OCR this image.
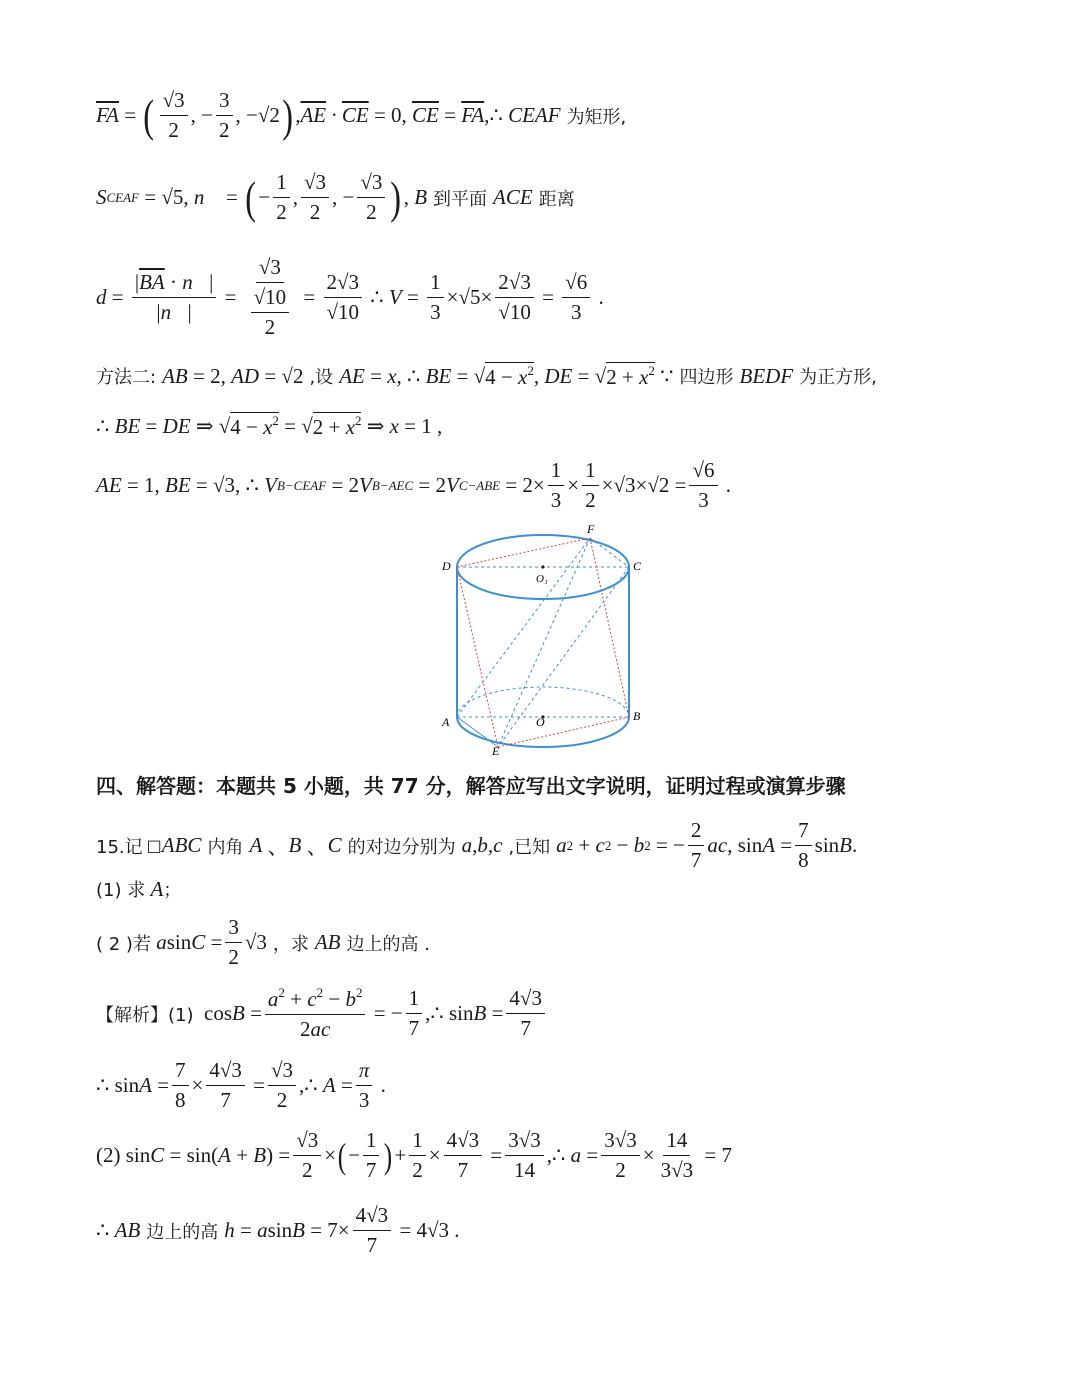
$\overline{FA}$ = ( $\frac{√3}{2}$ , − $\frac{3}{2}$ , −√2 ) $,\overline{AE} \cdot \overline{CE} = 0$, $\overline{CE} = \overline{FA}$ ,∴ CEAF 为矩形,
S CEAF = √5, n⃗ = ( − $\frac{1}{2}$ , $\frac{√3}{2}$ , − $\frac{√3}{2}$ ) , B 到平面 ACE 距离
$d = \frac{|\overline{BA} \cdot n⃗|}{|n⃗|} = \frac{√3}{\frac{√10}{2}} = \frac{2√3}{√10}$ ∴ $V = \frac{1}{3} \times√5\times \frac{2√3}{√10} = \frac{√6}{3}$ .
方法二: AB = 2, AD = √2 ,设 AE = x , ∴ BE = √ $4 - x^2$ , DE = √ $2 + x^2$ ∵ 四边形 BEDF 为正方形,
∴ BE = DE ⇒ √ $4 - x^2$ = √ $2 + x^2$ ⇒ x = 1 ,
AE = 1, BE = √3, ∴ V B−CEAF = 2 V B−AEC = 2 V $C-ABE = 2\times \frac{1}{3} \times \frac{1}{2} \times√3\times√2 = \frac{√6}{3}$ .
D	C
F
O₁
A	B
O
E
四、解答题：本题共 5 小题，共 77 分，解答应写出文字说明，证明过程或演算步骤
15.记 □ ABC 内角 A 、 B 、 C 的对边分别为 a,b,c ,已知 a 2 + c 2 − b 2 = − $\frac{2}{7}$ ac , $\sin A = \frac{7}{8}$ sin B .
(1) 求
A ；
( 2 )若
a $\sin C = \frac{3}{2} √3$ ，求 AB 边上的高 .
【解析】(1) $\cos B = \frac{a^2 + c^2 - b^2}{2ac}$ = − $\frac{1}{7}$ ,∴ $\sin B = \frac{4√3}{7}$
∴ $\sin A = \frac{7}{8} \times \frac{4√3}{7} = \frac{√3}{2}$ ,∴ $A = \frac{\pi}{3}$ .
(2) sin C = sin( A + B ) = $\frac{√3}{2}$ × ( − $\frac{1}{7}$ ) + $\frac{1}{2} \times \frac{4√3}{7} = \frac{3√3}{14}$ ,∴ $a = \frac{3√3}{2} \times \frac{14}{3√3} = 7$
∴ AB 边上的高 h = a $\sin B = 7\times \frac{4√3}{7} = 4√3$ .
